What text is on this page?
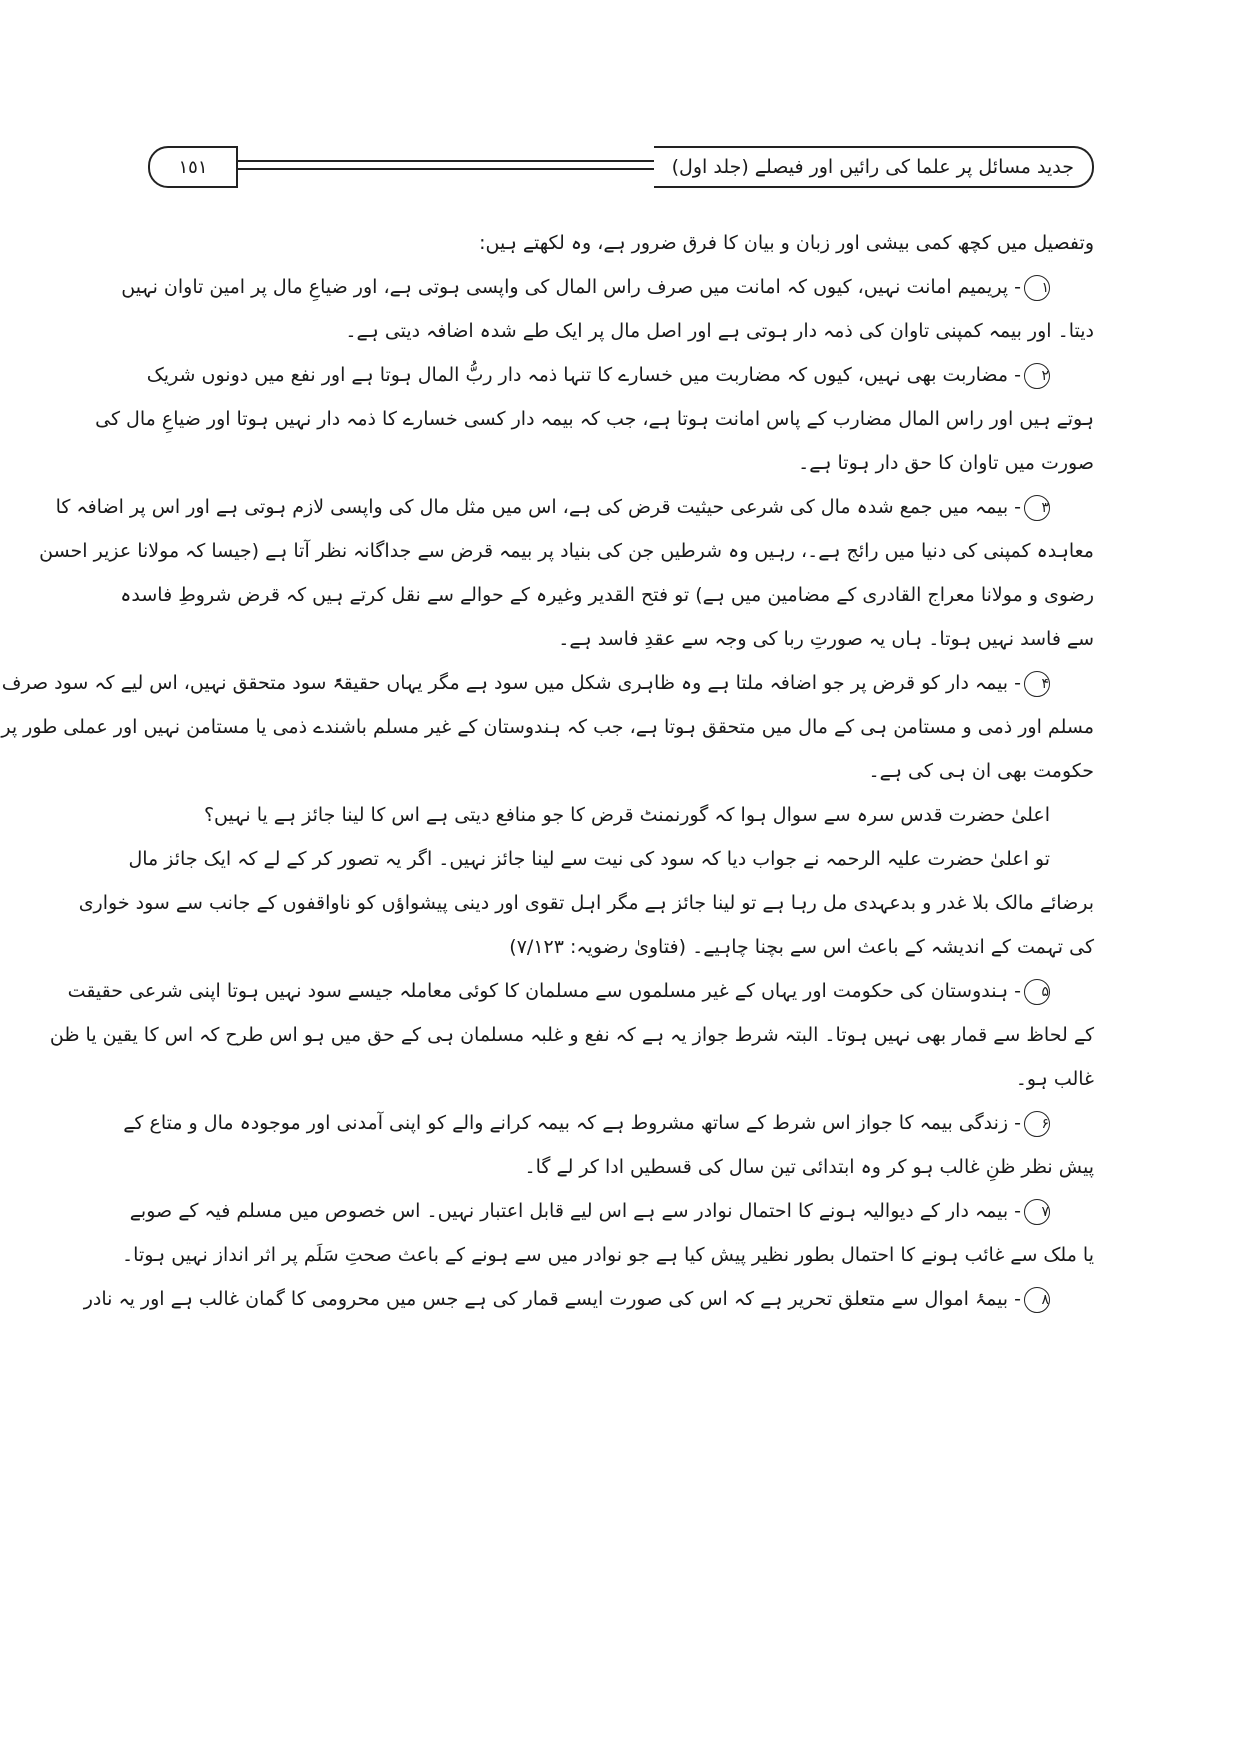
جدید مسائل پر علما کی رائیں اور فیصلے (جلد اول)
١٥١
وتفصیل میں کچھ کمی بیشی اور زبان و بیان کا فرق ضرور ہے، وہ لکھتے ہیں:
۱- پریمیم امانت نہیں، کیوں کہ امانت میں صرف راس المال کی واپسی ہوتی ہے، اور ضیاعِ مال پر امین تاوان نہیں
دیتا۔ اور بیمہ کمپنی تاوان کی ذمہ دار ہوتی ہے اور اصل مال پر ایک طے شدہ اضافہ دیتی ہے۔
۲- مضاربت بھی نہیں، کیوں کہ مضاربت میں خسارے کا تنہا ذمہ دار ربُّ المال ہوتا ہے اور نفع میں دونوں شریک
ہوتے ہیں اور راس المال مضارب کے پاس امانت ہوتا ہے، جب کہ بیمہ دار کسی خسارے کا ذمہ دار نہیں ہوتا اور ضیاعِ مال کی
صورت میں تاوان کا حق دار ہوتا ہے۔
۳- بیمہ میں جمع شدہ مال کی شرعی حیثیت قرض کی ہے، اس میں مثل مال کی واپسی لازم ہوتی ہے اور اس پر اضافہ کا
معاہدہ کمپنی کی دنیا میں رائج ہے۔، رہیں وہ شرطیں جن کی بنیاد پر بیمہ قرض سے جداگانہ نظر آتا ہے (جیسا کہ مولانا عزیر احسن
رضوی و مولانا معراج القادری کے مضامین میں ہے) تو فتح القدیر وغیرہ کے حوالے سے نقل کرتے ہیں کہ قرض شروطِ فاسدہ
سے فاسد نہیں ہوتا۔ ہاں یہ صورتِ ربا کی وجہ سے عقدِ فاسد ہے۔
۴- بیمہ دار کو قرض پر جو اضافہ ملتا ہے وہ ظاہری شکل میں سود ہے مگر یہاں حقیقۃً سود متحقق نہیں، اس لیے کہ سود صرف
مسلم اور ذمی و مستامن ہی کے مال میں متحقق ہوتا ہے، جب کہ ہندوستان کے غیر مسلم باشندے ذمی یا مستامن نہیں اور عملی طور پر
حکومت بھی ان ہی کی ہے۔
اعلیٰ حضرت قدس سرہ سے سوال ہوا کہ گورنمنٹ قرض کا جو منافع دیتی ہے اس کا لینا جائز ہے یا نہیں؟
تو اعلیٰ حضرت علیہ الرحمہ نے جواب دیا کہ سود کی نیت سے لینا جائز نہیں۔ اگر یہ تصور کر کے لے کہ ایک جائز مال
برضائے مالک بلا غدر و بدعہدی مل رہا ہے تو لینا جائز ہے مگر اہل تقوی اور دینی پیشواؤں کو ناواقفوں کے جانب سے سود خواری
کی تہمت کے اندیشہ کے باعث اس سے بچنا چاہیے۔ (فتاویٰ رضویہ: ۷/۱۲۳)
۵- ہندوستان کی حکومت اور یہاں کے غیر مسلموں سے مسلمان کا کوئی معاملہ جیسے سود نہیں ہوتا اپنی شرعی حقیقت
کے لحاظ سے قمار بھی نہیں ہوتا۔ البتہ شرط جواز یہ ہے کہ نفع و غلبہ مسلمان ہی کے حق میں ہو اس طرح کہ اس کا یقین یا ظن
غالب ہو۔
۶- زندگی بیمہ کا جواز اس شرط کے ساتھ مشروط ہے کہ بیمہ کرانے والے کو اپنی آمدنی اور موجودہ مال و متاع کے
پیش نظر ظنِ غالب ہو کر وہ ابتدائی تین سال کی قسطیں ادا کر لے گا۔
۷- بیمہ دار کے دیوالیہ ہونے کا احتمال نوادر سے ہے اس لیے قابل اعتبار نہیں۔ اس خصوص میں مسلم فیہ کے صوبے
یا ملک سے غائب ہونے کا احتمال بطور نظیر پیش کیا ہے جو نوادر میں سے ہونے کے باعث صحتِ سَلَم پر اثر انداز نہیں ہوتا۔
۸- بیمۂ اموال سے متعلق تحریر ہے کہ اس کی صورت ایسے قمار کی ہے جس میں محرومی کا گمان غالب ہے اور یہ نادر
